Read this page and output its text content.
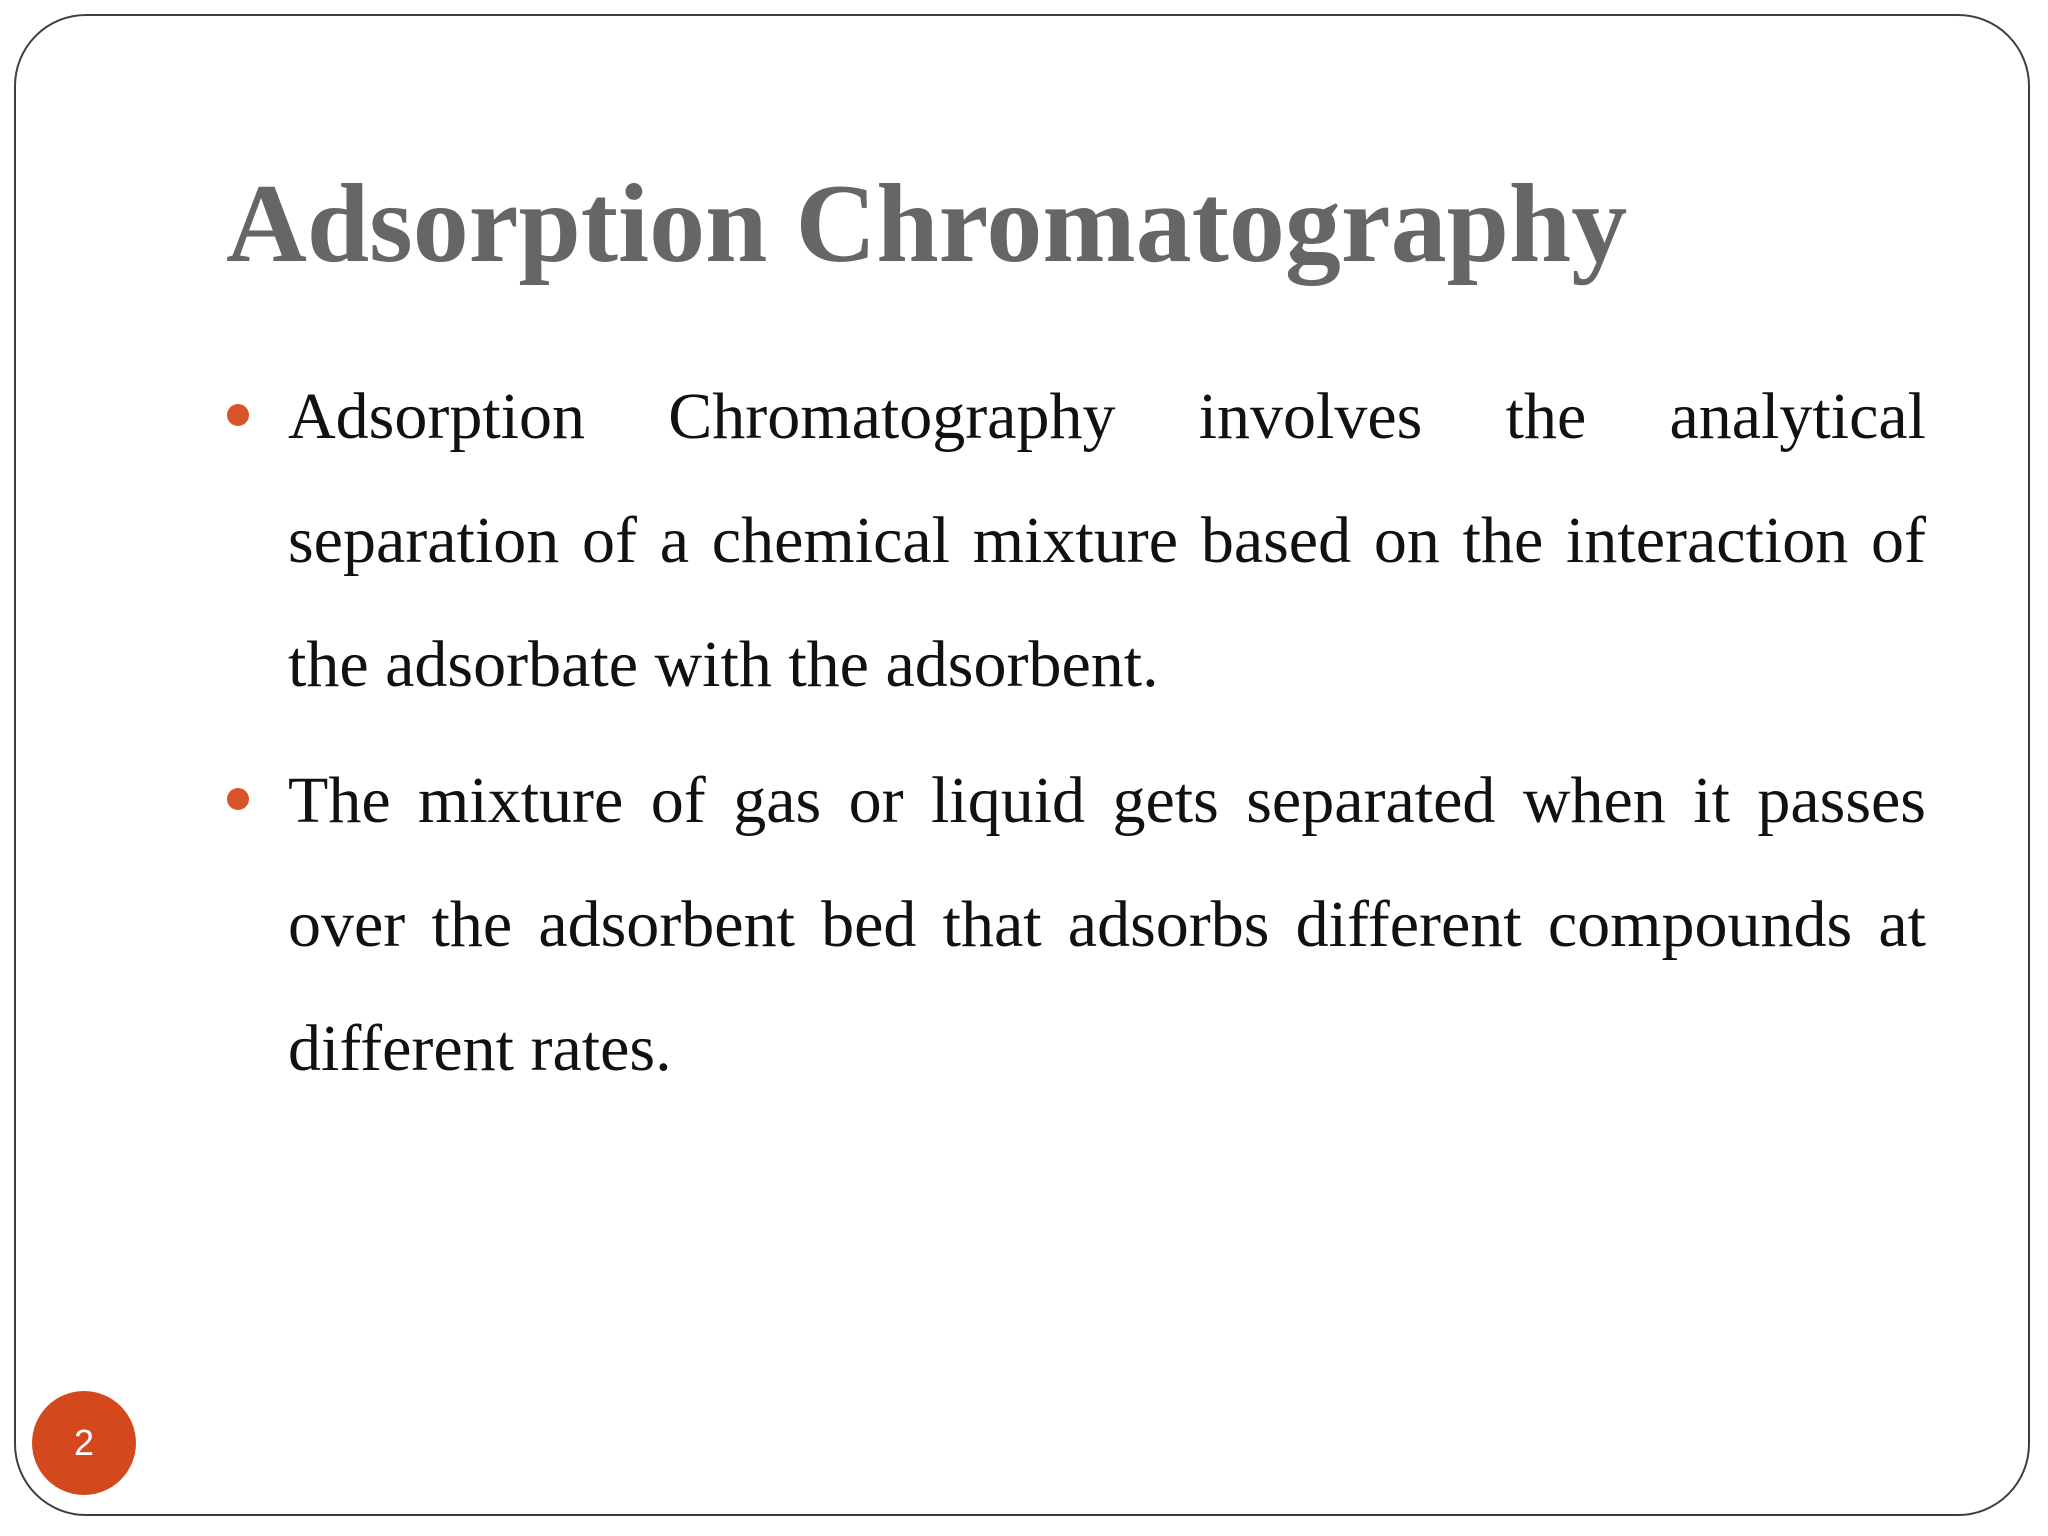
Adsorption Chromatography
Adsorption Chromatography involves the analytical separation of a chemical mixture based on the interaction of the adsorbate with the adsorbent.
The mixture of gas or liquid gets separated when it passes over the adsorbent bed that adsorbs different compounds at different rates.
2
